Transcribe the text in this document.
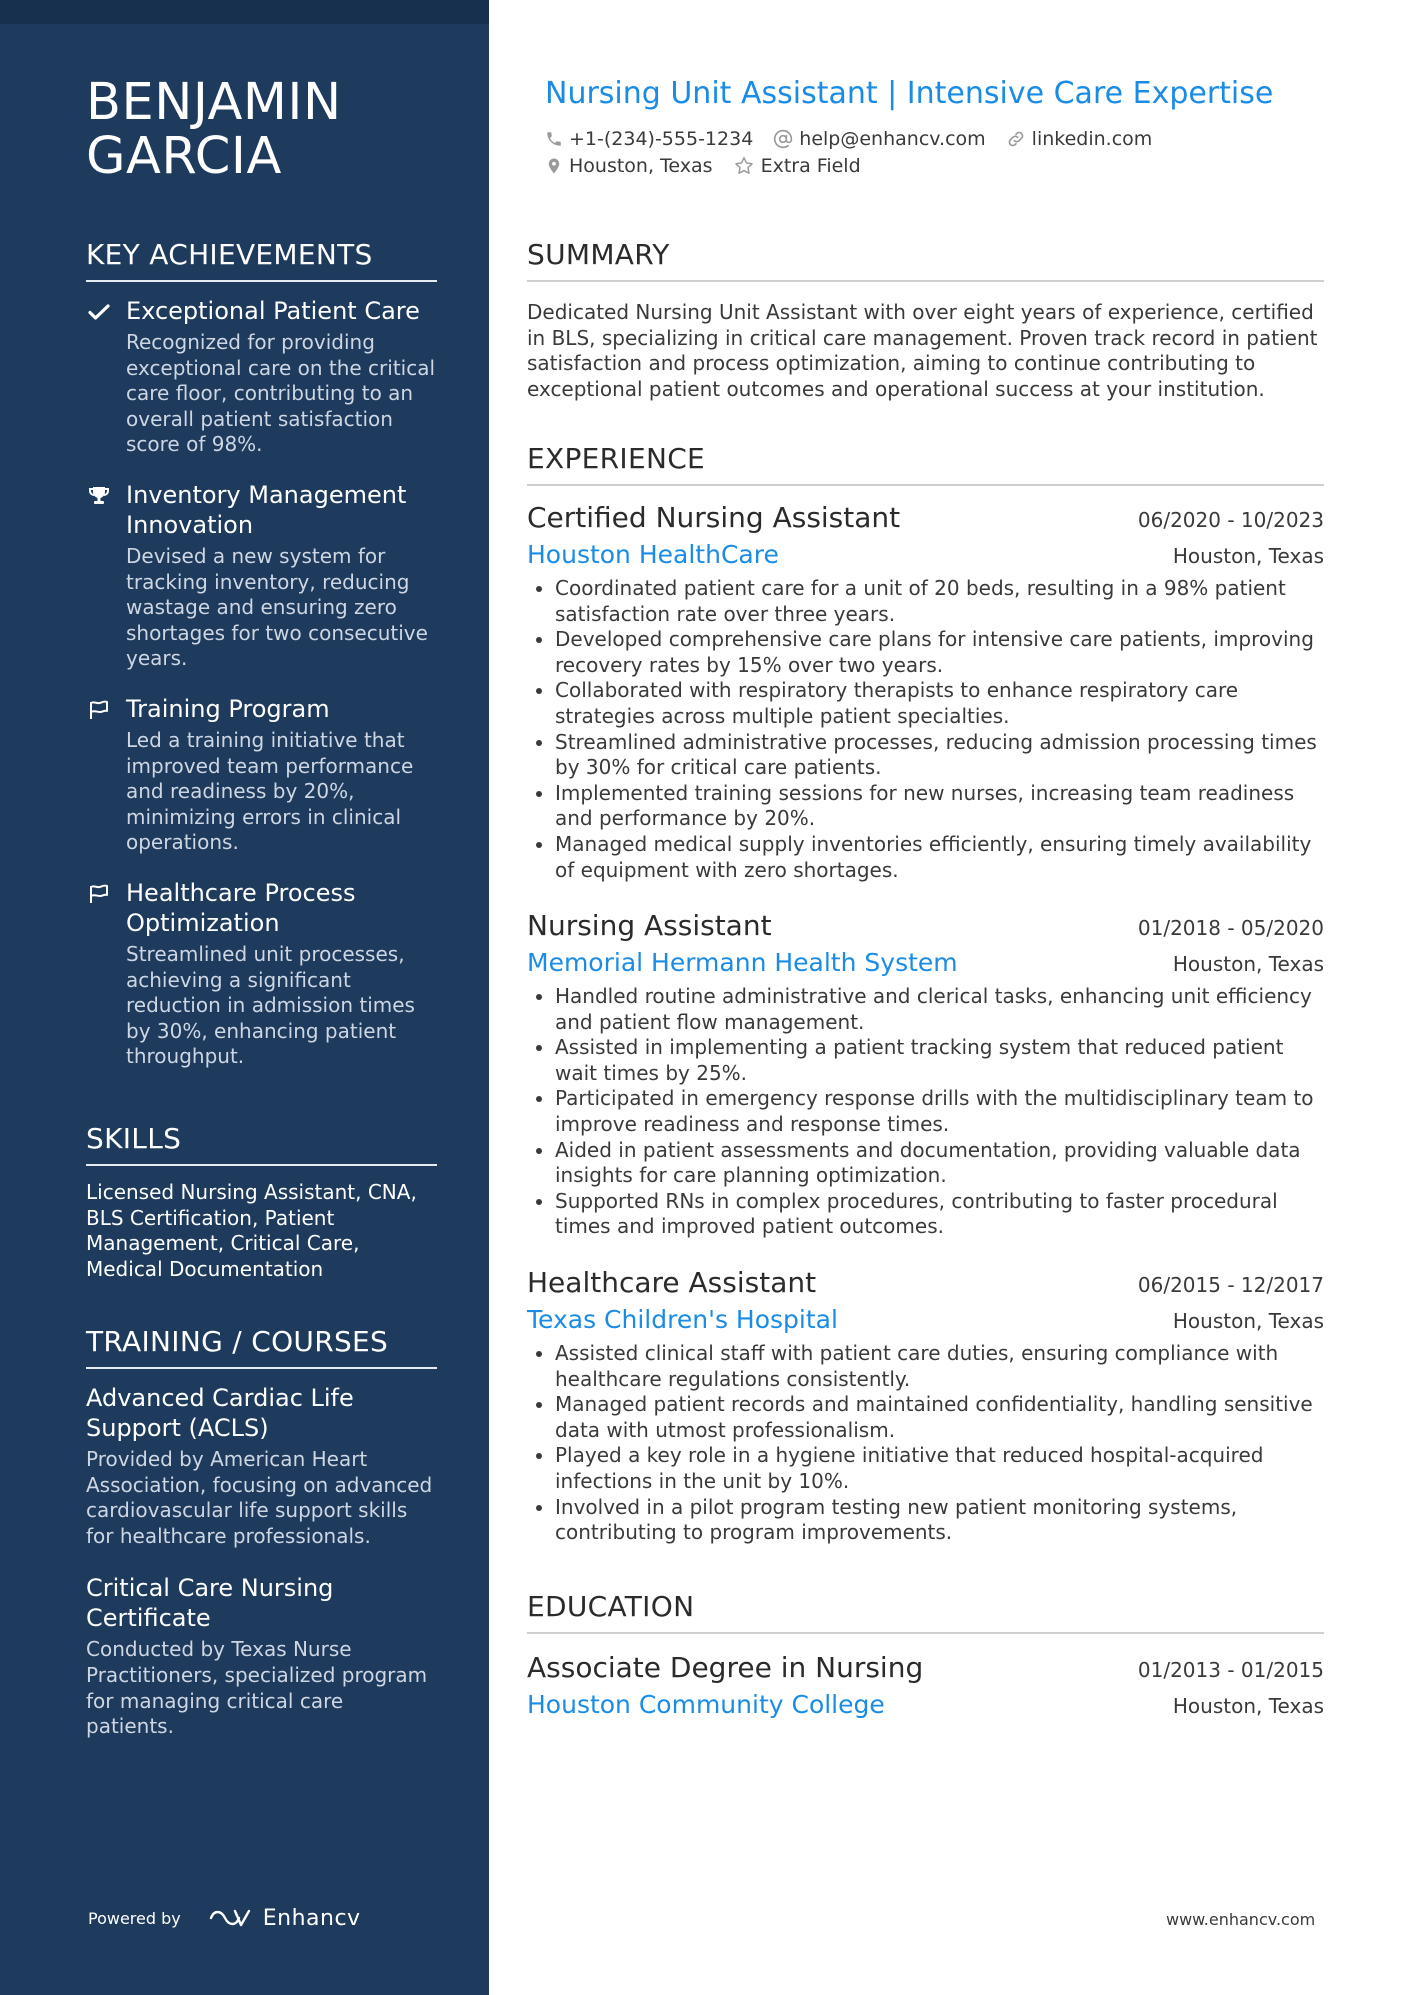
BENJAMIN
GARCIA
KEY ACHIEVEMENTS
Exceptional Patient Care
Recognized for providing exceptional care on the critical care floor, contributing to an overall patient satisfaction score of 98%.
Inventory Management Innovation
Devised a new system for tracking inventory, reducing wastage and ensuring zero shortages for two consecutive years.
Training Program
Led a training initiative that improved team performance and readiness by 20%, minimizing errors in clinical operations.
Healthcare Process Optimization
Streamlined unit processes, achieving a significant reduction in admission times by 30%, enhancing patient throughput.
SKILLS
Licensed Nursing Assistant, CNA, BLS Certification, Patient Management, Critical Care, Medical Documentation
TRAINING / COURSES
Advanced Cardiac Life Support (ACLS)
Provided by American Heart Association, focusing on advanced cardiovascular life support skills for healthcare professionals.
Critical Care Nursing Certificate
Conducted by Texas Nurse Practitioners, specialized program for managing critical care patients.
Powered by	Enhancv
Nursing Unit Assistant | Intensive Care Expertise
+1-(234)-555-1234 help@enhancv.com linkedin.com
Houston, Texas	Extra Field
SUMMARY
Dedicated Nursing Unit Assistant with over eight years of experience, certified in BLS, specializing in critical care management. Proven track record in patient satisfaction and process optimization, aiming to continue contributing to exceptional patient outcomes and operational success at your institution.
EXPERIENCE
Certified Nursing Assistant	06/2020 - 10/2023
Houston HealthCare	Houston, Texas
• Coordinated patient care for a unit of 20 beds, resulting in a 98% patient satisfaction rate over three years.
• Developed comprehensive care plans for intensive care patients, improving recovery rates by 15% over two years.
• Collaborated with respiratory therapists to enhance respiratory care strategies across multiple patient specialties.
• Streamlined administrative processes, reducing admission processing times by 30% for critical care patients.
• Implemented training sessions for new nurses, increasing team readiness and performance by 20%.
• Managed medical supply inventories efficiently, ensuring timely availability of equipment with zero shortages.
Nursing Assistant	01/2018 - 05/2020
Memorial Hermann Health System	Houston, Texas
• Handled routine administrative and clerical tasks, enhancing unit efficiency and patient flow management.
• Assisted in implementing a patient tracking system that reduced patient wait times by 25%.
• Participated in emergency response drills with the multidisciplinary team to improve readiness and response times.
• Aided in patient assessments and documentation, providing valuable data insights for care planning optimization.
• Supported RNs in complex procedures, contributing to faster procedural times and improved patient outcomes.
Healthcare Assistant	06/2015 - 12/2017
Texas Children's Hospital	Houston, Texas
• Assisted clinical staff with patient care duties, ensuring compliance with healthcare regulations consistently.
• Managed patient records and maintained confidentiality, handling sensitive data with utmost professionalism.
• Played a key role in a hygiene initiative that reduced hospital-acquired infections in the unit by 10%.
• Involved in a pilot program testing new patient monitoring systems, contributing to program improvements.
EDUCATION
Associate Degree in Nursing	01/2013 - 01/2015
Houston Community College	Houston, Texas
www.enhancv.com
